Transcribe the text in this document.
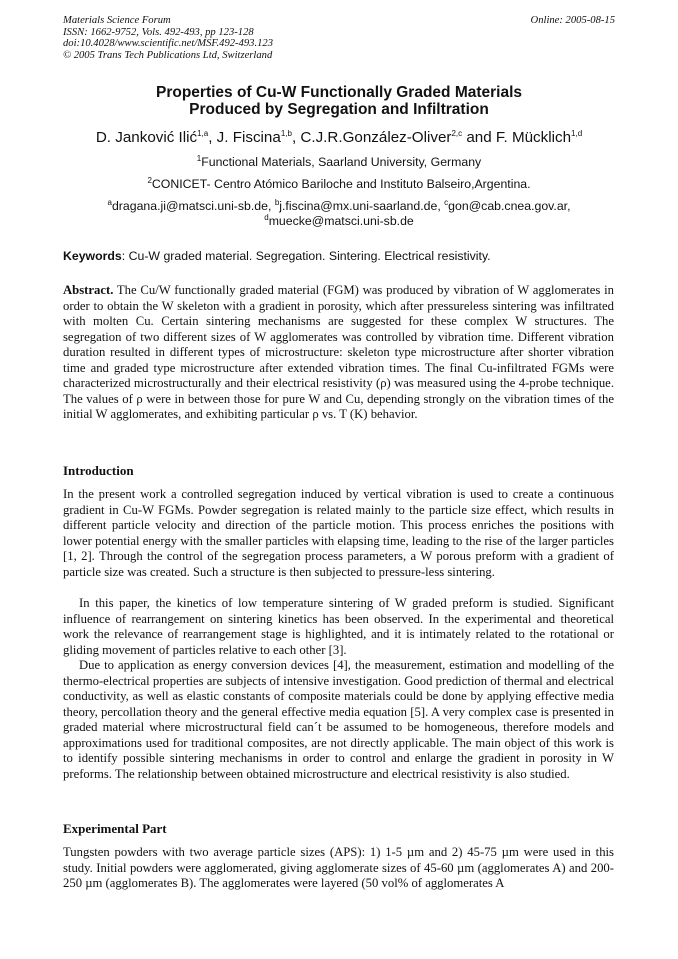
Materials Science Forum
ISSN: 1662-9752, Vols. 492-493, pp 123-128
doi:10.4028/www.scientific.net/MSF.492-493.123
© 2005 Trans Tech Publications Ltd, Switzerland
Online: 2005-08-15
Properties of Cu-W Functionally Graded Materials
Produced by Segregation and Infiltration
D. Janković Ilić$^{1,a}$, J. Fiscina$^{1,b}$, C.J.R.González-Oliver$^{2,c}$ and F. Mücklich$^{1,d}$
$^1$Functional Materials, Saarland University, Germany
$^2$CONICET- Centro Atómico Bariloche and Instituto Balseiro,Argentina.
$^a$dragana.ji@matsci.uni-sb.de, $^b$j.fiscina@mx.uni-saarland.de, $^c$gon@cab.cnea.gov.ar,
$^d$muecke@matsci.uni-sb.de
Keywords: Cu-W graded material. Segregation. Sintering. Electrical resistivity.
Abstract. The Cu/W functionally graded material (FGM) was produced by vibration of W agglomerates in order to obtain the W skeleton with a gradient in porosity, which after pressureless sintering was infiltrated with molten Cu. Certain sintering mechanisms are suggested for these complex W structures. The segregation of two different sizes of W agglomerates was controlled by vibration time. Different vibration duration resulted in different types of microstructure: skeleton type microstructure after shorter vibration time and graded type microstructure after extended vibration times. The final Cu-infiltrated FGMs were characterized microstructurally and their electrical resistivity (ρ) was measured using the 4-probe technique. The values of ρ were in between those for pure W and Cu, depending strongly on the vibration times of the initial W agglomerates, and exhibiting particular ρ vs. T (K) behavior.
Introduction
In the present work a controlled segregation induced by vertical vibration is used to create a continuous gradient in Cu-W FGMs. Powder segregation is related mainly to the particle size effect, which results in different particle velocity and direction of the particle motion. This process enriches the positions with lower potential energy with the smaller particles with elapsing time, leading to the rise of the larger particles [1, 2]. Through the control of the segregation process parameters, a W porous preform with a gradient of particle size was created. Such a structure is then subjected to pressure-less sintering.
In this paper, the kinetics of low temperature sintering of W graded preform is studied. Significant influence of rearrangement on sintering kinetics has been observed. In the experimental and theoretical work the relevance of rearrangement stage is highlighted, and it is intimately related to the rotational or gliding movement of particles relative to each other [3].
Due to application as energy conversion devices [4], the measurement, estimation and modelling of the thermo-electrical properties are subjects of intensive investigation. Good prediction of thermal and electrical conductivity, as well as elastic constants of composite materials could be done by applying effective media theory, percollation theory and the general effective media equation [5]. A very complex case is presented in graded material where microstructural field can´t be assumed to be homogeneous, therefore models and approximations used for traditional composites, are not directly applicable. The main object of this work is to identify possible sintering mechanisms in order to control and enlarge the gradient in porosity in W preforms. The relationship between obtained microstructure and electrical resistivity is also studied.
Experimental Part
Tungsten powders with two average particle sizes (APS): 1) 1-5 µm and 2) 45-75 µm were used in this study. Initial powders were agglomerated, giving agglomerate sizes of 45-60 µm (agglomerates A) and 200-250 µm (agglomerates B). The agglomerates were layered (50 vol% of agglomerates A
